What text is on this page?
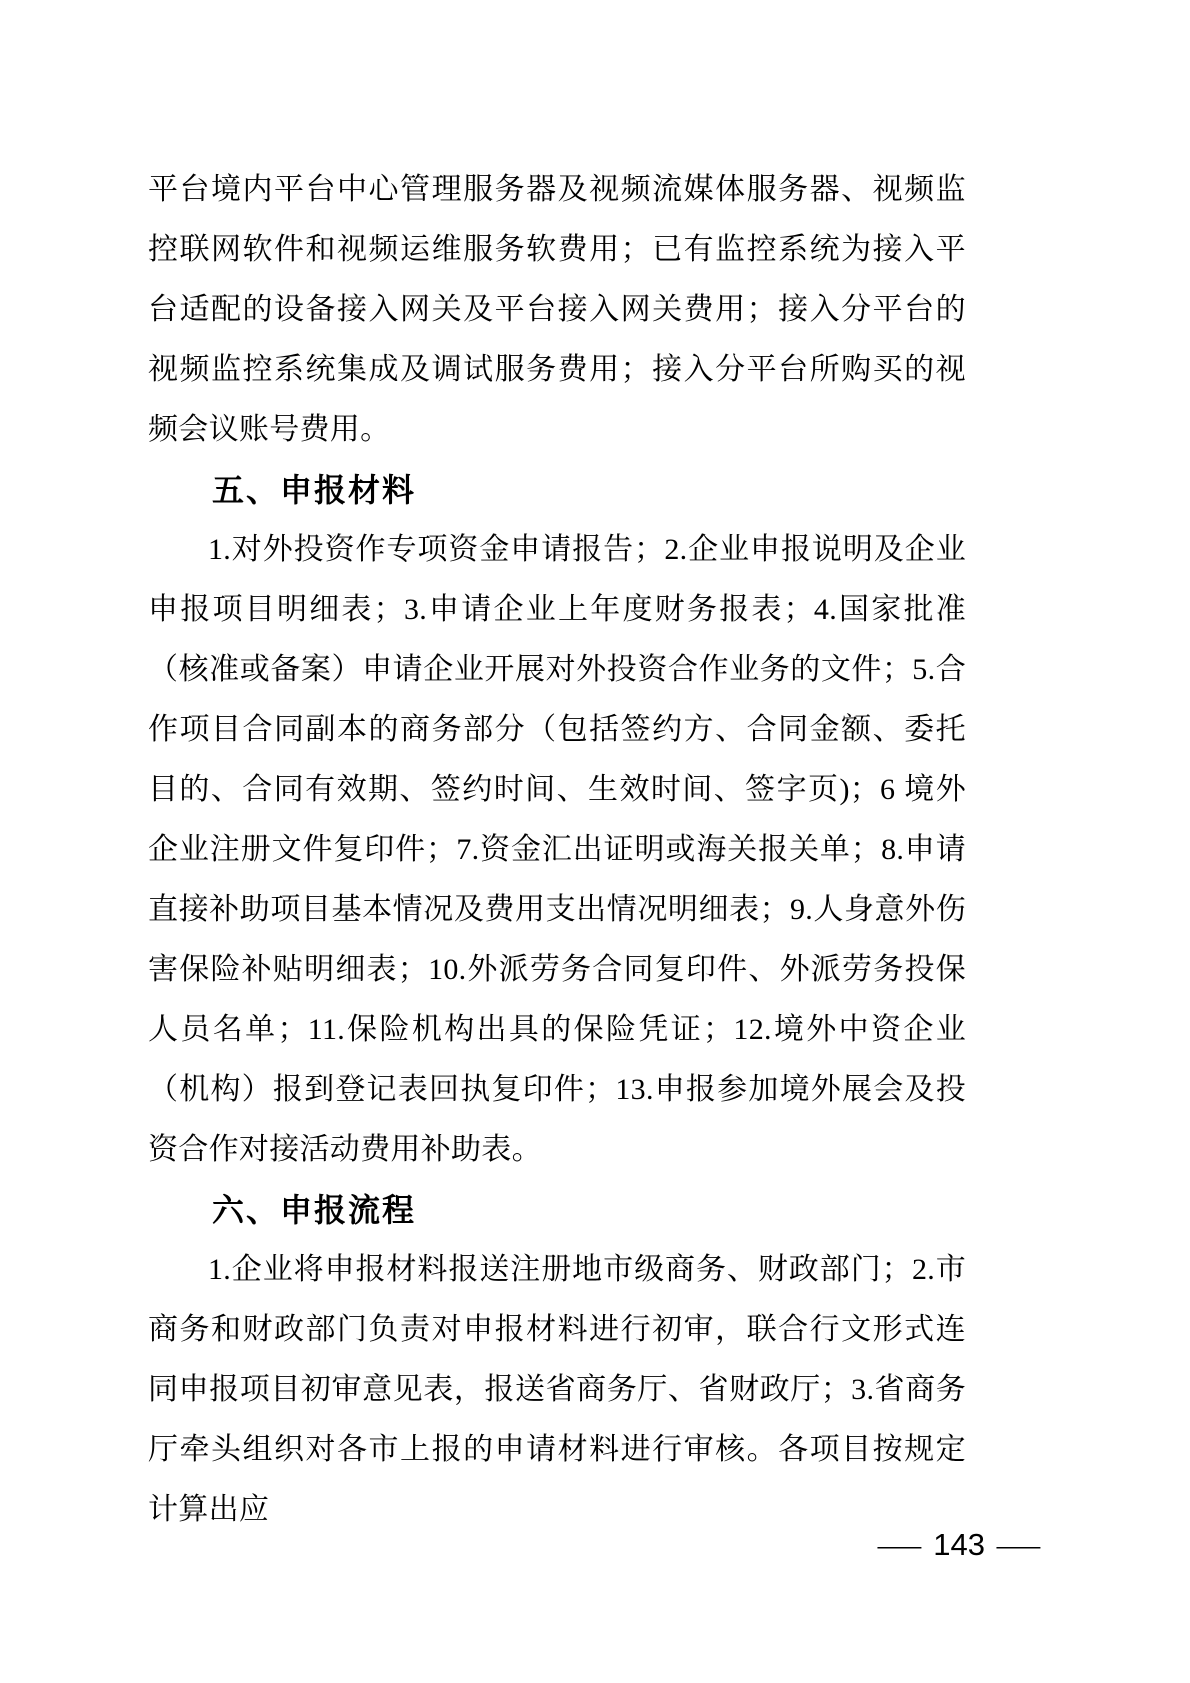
平台境内平台中心管理服务器及视频流媒体服务器、视频监控联网软件和视频运维服务软费用；已有监控系统为接入平台适配的设备接入网关及平台接入网关费用；接入分平台的视频监控系统集成及调试服务费用；接入分平台所购买的视频会议账号费用。

五、申报材料

1.对外投资作专项资金申请报告；2.企业申报说明及企业申报项目明细表；3.申请企业上年度财务报表；4.国家批准（核准或备案）申请企业开展对外投资合作业务的文件；5.合作项目合同副本的商务部分（包括签约方、合同金额、委托目的、合同有效期、签约时间、生效时间、签字页)；6 境外企业注册文件复印件；7.资金汇出证明或海关报关单；8.申请直接补助项目基本情况及费用支出情况明细表；9.人身意外伤害保险补贴明细表；10.外派劳务合同复印件、外派劳务投保人员名单；11.保险机构出具的保险凭证；12.境外中资企业（机构）报到登记表回执复印件；13.申报参加境外展会及投资合作对接活动费用补助表。

六、申报流程

1.企业将申报材料报送注册地市级商务、财政部门；2.市商务和财政部门负责对申报材料进行初审，联合行文形式连同申报项目初审意见表，报送省商务厅、省财政厅；3.省商务厅牵头组织对各市上报的申请材料进行审核。各项目按规定计算出应

— 143 —
